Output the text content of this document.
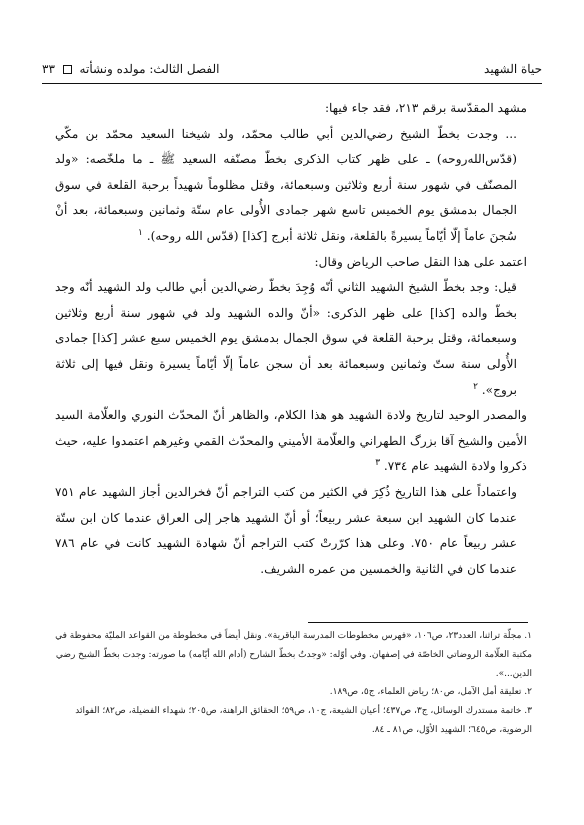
حياة الشهيد
الفصل الثالث: مولده ونشأته  ٣٣

مشهد المقدّسة برقم ٢١٣، فقد جاء فيها:

... وجدت بخطّ الشيخ رضي‌الدين أبي طالب محمّد، ولد شيخنا السعيد محمّد بن مكّي (قدّس‌الله‌روحه) ـ على ظهر كتاب الذكرى بخطّ مصنّفه السعيد ﷺ ـ ما ملخّصه: «ولد المصنّف في شهور سنة أربع وثلاثين وسبعمائة، وقتل مظلوماً شهيداً برحبة القلعة في سوق الجمال بدمشق يوم الخميس تاسع شهر جمادى الأُولى عام ستّة وثمانين وسبعمائة، بعد أنْ سُجنَ عاماً إلّا أيّاماً يسيرةً بالقلعة، ونقل ثلاثة أبرج [كذا] (قدّس الله روحه). $^١$

اعتمد على هذا النقل صاحب الرياض وقال:

قيل: وجد بخطّ الشيخ الشهيد الثاني أنّه وُجِدَ بخطّ رضي‌الدين أبي طالب ولد الشهيد أنّه وجد بخطّ والده [كذا] على ظهر الذكرى: «أنّ والده الشهيد ولد في شهور سنة أربع وثلاثين وسبعمائة، وقتل برحبة القلعة في سوق الجمال بدمشق يوم الخميس سبع عشر [كذا] جمادى الأُولى سنة ستّ وثمانين وسبعمائة بعد أن سجن عاماً إلّا أيّاماً يسيرة ونقل فيها إلى ثلاثة بروج». $^٢$

والمصدر الوحيد لتاريخ ولادة الشهيد هو هذا الكلام، والظاهر أنّ المحدّث النوري والعلّامة السيد الأمين والشيخ آقا بزرگ الطهراني والعلّامة الأميني والمحدّث القمي وغيرهم اعتمدوا عليه، حيث ذكروا ولادة الشهيد عام ٧٣٤. $^٣$

واعتماداً على هذا التاريخ ذُكِرَ في الكثير من كتب التراجم أنّ فخرالدين أجاز الشهيد عام ٧٥١ عندما كان الشهيد ابن سبعة عشر ربيعاً؛ أو أنّ الشهيد هاجر إلى العراق عندما كان ابن ستّة عشر ربيعاً عام ٧٥٠. وعلى هذا كرّرتْ كتب التراجم أنّ شهادة الشهيد كانت في عام ٧٨٦ عندما كان في الثانية والخمسين من عمره الشريف.

١. مجلّة تراثنا، العدد٢٣، ص١٠٦، «فهرس مخطوطات المدرسة الباقرية». ونقل أيضاً في مخطوطة من القواعد المليّة محفوظة في مكتبة العلّامة الروضاتي الخاصّة في إصفهان. وفي أوّله: «وجدتُ بخطّ الشارح (أدام الله أيّامه) ما صورته: وجدت بخطّ الشيخ رضي الدين...».

٢. تعليقة أمل الآمل، ص٨٠؛ رياض العلماء، ج٥، ص١٨٩.

٣. خاتمة مستدرك الوسائل، ج٣، ص٤٣٧؛ أعيان الشيعة، ج١٠، ص٥٩؛ الحقائق الراهنة، ص٢٠٥؛ شهداء الفضيلة، ص٨٢؛ الفوائد الرضوية، ص٦٤٥؛ الشهيد الأوّل، ص٨١ ـ ٨٤.
